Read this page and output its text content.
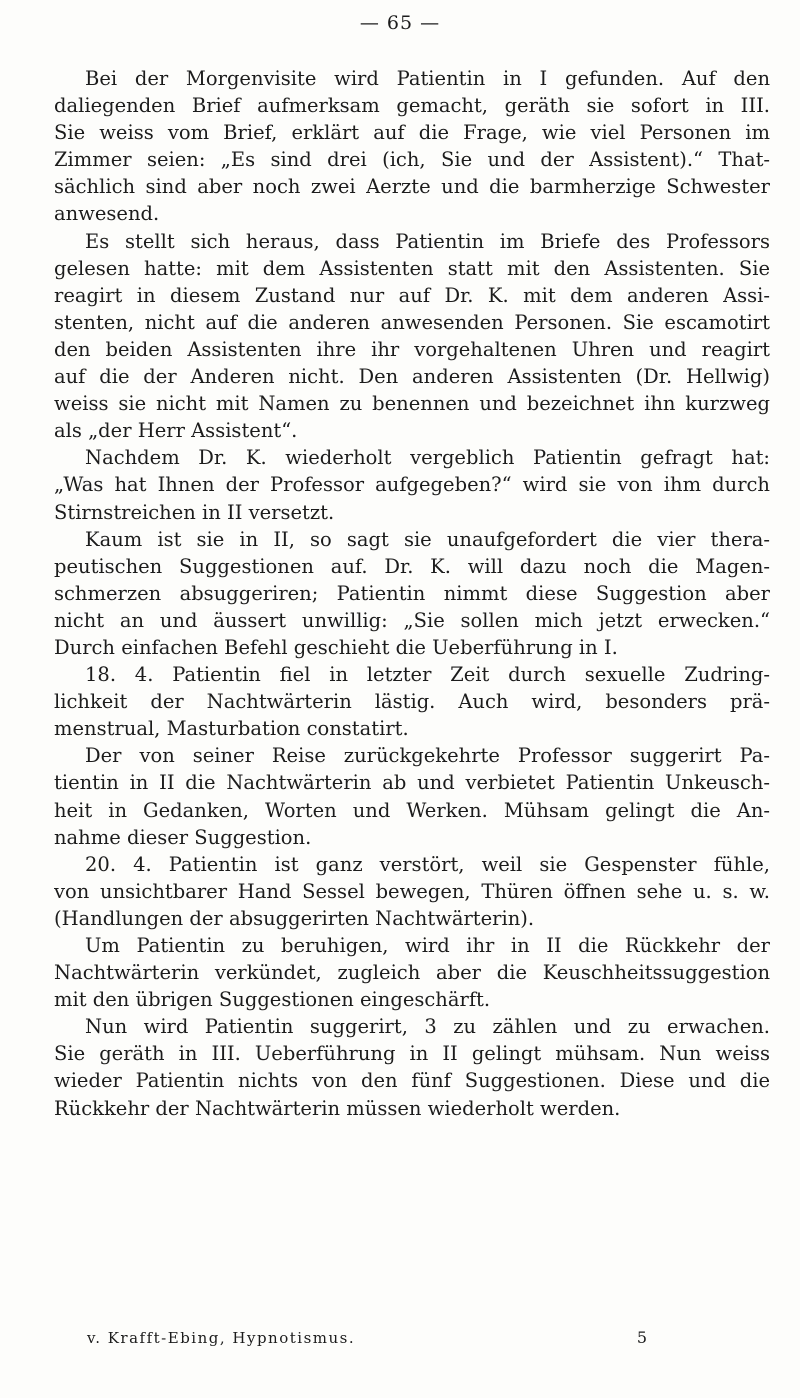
— 65 —
Bei der Morgenvisite wird Patientin in I gefunden. Auf den
daliegenden Brief aufmerksam gemacht, geräth sie sofort in III.
Sie weiss vom Brief, erklärt auf die Frage, wie viel Personen im
Zimmer seien: „Es sind drei (ich, Sie und der Assistent).“ That-
sächlich sind aber noch zwei Aerzte und die barmherzige Schwester
anwesend.
Es stellt sich heraus, dass Patientin im Briefe des Professors
gelesen hatte: mit dem Assistenten statt mit den Assistenten. Sie
reagirt in diesem Zustand nur auf Dr. K. mit dem anderen Assi-
stenten, nicht auf die anderen anwesenden Personen. Sie escamotirt
den beiden Assistenten ihre ihr vorgehaltenen Uhren und reagirt
auf die der Anderen nicht. Den anderen Assistenten (Dr. Hellwig)
weiss sie nicht mit Namen zu benennen und bezeichnet ihn kurzweg
als „der Herr Assistent“.
Nachdem Dr. K. wiederholt vergeblich Patientin gefragt hat:
„Was hat Ihnen der Professor aufgegeben?“ wird sie von ihm durch
Stirnstreichen in II versetzt.
Kaum ist sie in II, so sagt sie unaufgefordert die vier thera-
peutischen Suggestionen auf. Dr. K. will dazu noch die Magen-
schmerzen absuggeriren; Patientin nimmt diese Suggestion aber
nicht an und äussert unwillig: „Sie sollen mich jetzt erwecken.“
Durch einfachen Befehl geschieht die Ueberführung in I.
18. 4. Patientin fiel in letzter Zeit durch sexuelle Zudring-
lichkeit der Nachtwärterin lästig. Auch wird, besonders prä-
menstrual, Masturbation constatirt.
Der von seiner Reise zurückgekehrte Professor suggerirt Pa-
tientin in II die Nachtwärterin ab und verbietet Patientin Unkeusch-
heit in Gedanken, Worten und Werken. Mühsam gelingt die An-
nahme dieser Suggestion.
20. 4. Patientin ist ganz verstört, weil sie Gespenster fühle,
von unsichtbarer Hand Sessel bewegen, Thüren öffnen sehe u. s. w.
(Handlungen der absuggerirten Nachtwärterin).
Um Patientin zu beruhigen, wird ihr in II die Rückkehr der
Nachtwärterin verkündet, zugleich aber die Keuschheitssuggestion
mit den übrigen Suggestionen eingeschärft.
Nun wird Patientin suggerirt, 3 zu zählen und zu erwachen.
Sie geräth in III. Ueberführung in II gelingt mühsam. Nun weiss
wieder Patientin nichts von den fünf Suggestionen. Diese und die
Rückkehr der Nachtwärterin müssen wiederholt werden.
v. Krafft-Ebing, Hypnotismus.	5
